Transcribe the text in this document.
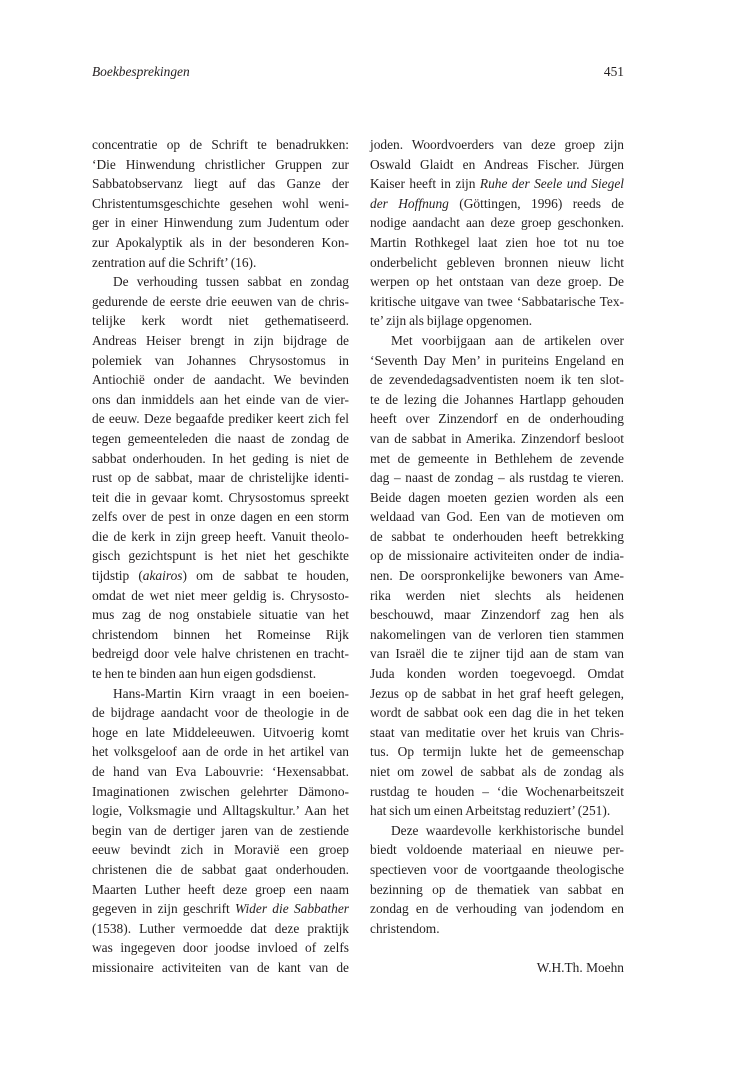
Boekbesprekingen	451
concentratie op de Schrift te benadrukken:
‘Die Hinwendung christlicher Gruppen zur
Sabbatobservanz liegt auf das Ganze der
Christentumsgeschichte gesehen wohl weni-
ger in einer Hinwendung zum Judentum oder
zur Apokalyptik als in der besonderen Kon-
zentration auf die Schrift’ (16).
De verhouding tussen sabbat en zondag
gedurende de eerste drie eeuwen van de chris-
telijke kerk wordt niet gethematiseerd.
Andreas Heiser brengt in zijn bijdrage de
polemiek van Johannes Chrysostomus in
Antiochië onder de aandacht. We bevinden
ons dan inmiddels aan het einde van de vier-
de eeuw. Deze begaafde prediker keert zich fel
tegen gemeenteleden die naast de zondag de
sabbat onderhouden. In het geding is niet de
rust op de sabbat, maar de christelijke identi-
teit die in gevaar komt. Chrysostomus spreekt
zelfs over de pest in onze dagen en een storm
die de kerk in zijn greep heeft. Vanuit theolo-
gisch gezichtspunt is het niet het geschikte
tijdstip (akairos) om de sabbat te houden,
omdat de wet niet meer geldig is. Chrysosto-
mus zag de nog onstabiele situatie van het
christendom binnen het Romeinse Rijk
bedreigd door vele halve christenen en tracht-
te hen te binden aan hun eigen godsdienst.
Hans-Martin Kirn vraagt in een boeien-
de bijdrage aandacht voor de theologie in de
hoge en late Middeleeuwen. Uitvoerig komt
het volksgeloof aan de orde in het artikel van
de hand van Eva Labouvrie: ‘Hexensabbat.
Imaginationen zwischen gelehrter Dämono-
logie, Volksmagie und Alltagskultur.’ Aan het
begin van de dertiger jaren van de zestiende
eeuw bevindt zich in Moravië een groep
christenen die de sabbat gaat onderhouden.
Maarten Luther heeft deze groep een naam
gegeven in zijn geschrift Wider die Sabbather
(1538). Luther vermoedde dat deze praktijk
was ingegeven door joodse invloed of zelfs
missionaire activiteiten van de kant van de
joden. Woordvoerders van deze groep zijn
Oswald Glaidt en Andreas Fischer. Jürgen
Kaiser heeft in zijn Ruhe der Seele und Siegel
der Hoffnung (Göttingen, 1996) reeds de
nodige aandacht aan deze groep geschonken.
Martin Rothkegel laat zien hoe tot nu toe
onderbelicht gebleven bronnen nieuw licht
werpen op het ontstaan van deze groep. De
kritische uitgave van twee ‘Sabbatarische Tex-
te’ zijn als bijlage opgenomen.
Met voorbijgaan aan de artikelen over
‘Seventh Day Men’ in puriteins Engeland en
de zevendedagsadventisten noem ik ten slot-
te de lezing die Johannes Hartlapp gehouden
heeft over Zinzendorf en de onderhouding
van de sabbat in Amerika. Zinzendorf besloot
met de gemeente in Bethlehem de zevende
dag – naast de zondag – als rustdag te vieren.
Beide dagen moeten gezien worden als een
weldaad van God. Een van de motieven om
de sabbat te onderhouden heeft betrekking
op de missionaire activiteiten onder de india-
nen. De oorspronkelijke bewoners van Ame-
rika werden niet slechts als heidenen
beschouwd, maar Zinzendorf zag hen als
nakomelingen van de verloren tien stammen
van Israël die te zijner tijd aan de stam van
Juda konden worden toegevoegd. Omdat
Jezus op de sabbat in het graf heeft gelegen,
wordt de sabbat ook een dag die in het teken
staat van meditatie over het kruis van Chris-
tus. Op termijn lukte het de gemeenschap
niet om zowel de sabbat als de zondag als
rustdag te houden – ‘die Wochenarbeitszeit
hat sich um einen Arbeitstag reduziert’ (251).
Deze waardevolle kerkhistorische bundel
biedt voldoende materiaal en nieuwe per-
spectieven voor de voortgaande theologische
bezinning op de thematiek van sabbat en
zondag en de verhouding van jodendom en
christendom.
W.H.Th. Moehn
